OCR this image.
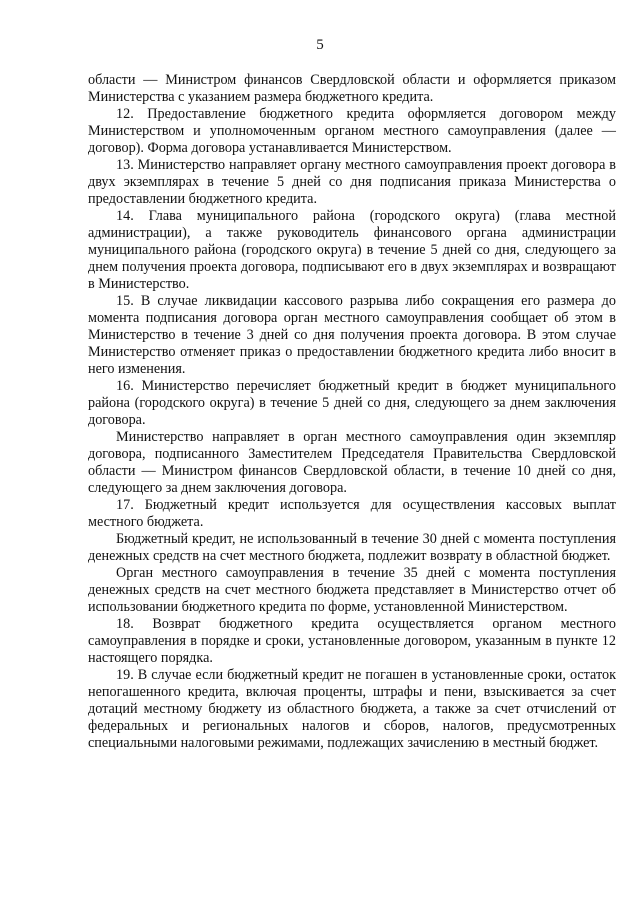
5

области — Министром финансов Свердловской области и оформляется приказом Министерства с указанием размера бюджетного кредита.

12. Предоставление бюджетного кредита оформляется договором между Министерством и уполномоченным органом местного самоуправления (далее — договор). Форма договора устанавливается Министерством.

13. Министерство направляет органу местного самоуправления проект договора в двух экземплярах в течение 5 дней со дня подписания приказа Министерства о предоставлении бюджетного кредита.

14. Глава муниципального района (городского округа) (глава местной администрации), а также руководитель финансового органа администрации муниципального района (городского округа) в течение 5 дней со дня, следующего за днем получения проекта договора, подписывают его в двух экземплярах и возвращают в Министерство.

15. В случае ликвидации кассового разрыва либо сокращения его размера до момента подписания договора орган местного самоуправления сообщает об этом в Министерство в течение 3 дней со дня получения проекта договора. В этом случае Министерство отменяет приказ о предоставлении бюджетного кредита либо вносит в него изменения.

16. Министерство перечисляет бюджетный кредит в бюджет муниципального района (городского округа) в течение 5 дней со дня, следующего за днем заключения договора.

Министерство направляет в орган местного самоуправления один экземпляр договора, подписанного Заместителем Председателя Правительства Свердловской области — Министром финансов Свердловской области, в течение 10 дней со дня, следующего за днем заключения договора.

17. Бюджетный кредит используется для осуществления кассовых выплат местного бюджета.

Бюджетный кредит, не использованный в течение 30 дней с момента поступления денежных средств на счет местного бюджета, подлежит возврату в областной бюджет.

Орган местного самоуправления в течение 35 дней с момента поступления денежных средств на счет местного бюджета представляет в Министерство отчет об использовании бюджетного кредита по форме, установленной Министерством.

18. Возврат бюджетного кредита осуществляется органом местного самоуправления в порядке и сроки, установленные договором, указанным в пункте 12 настоящего порядка.

19. В случае если бюджетный кредит не погашен в установленные сроки, остаток непогашенного кредита, включая проценты, штрафы и пени, взыскивается за счет дотаций местному бюджету из областного бюджета, а также за счет отчислений от федеральных и региональных налогов и сборов, налогов, предусмотренных специальными налоговыми режимами, подлежащих зачислению в местный бюджет.
